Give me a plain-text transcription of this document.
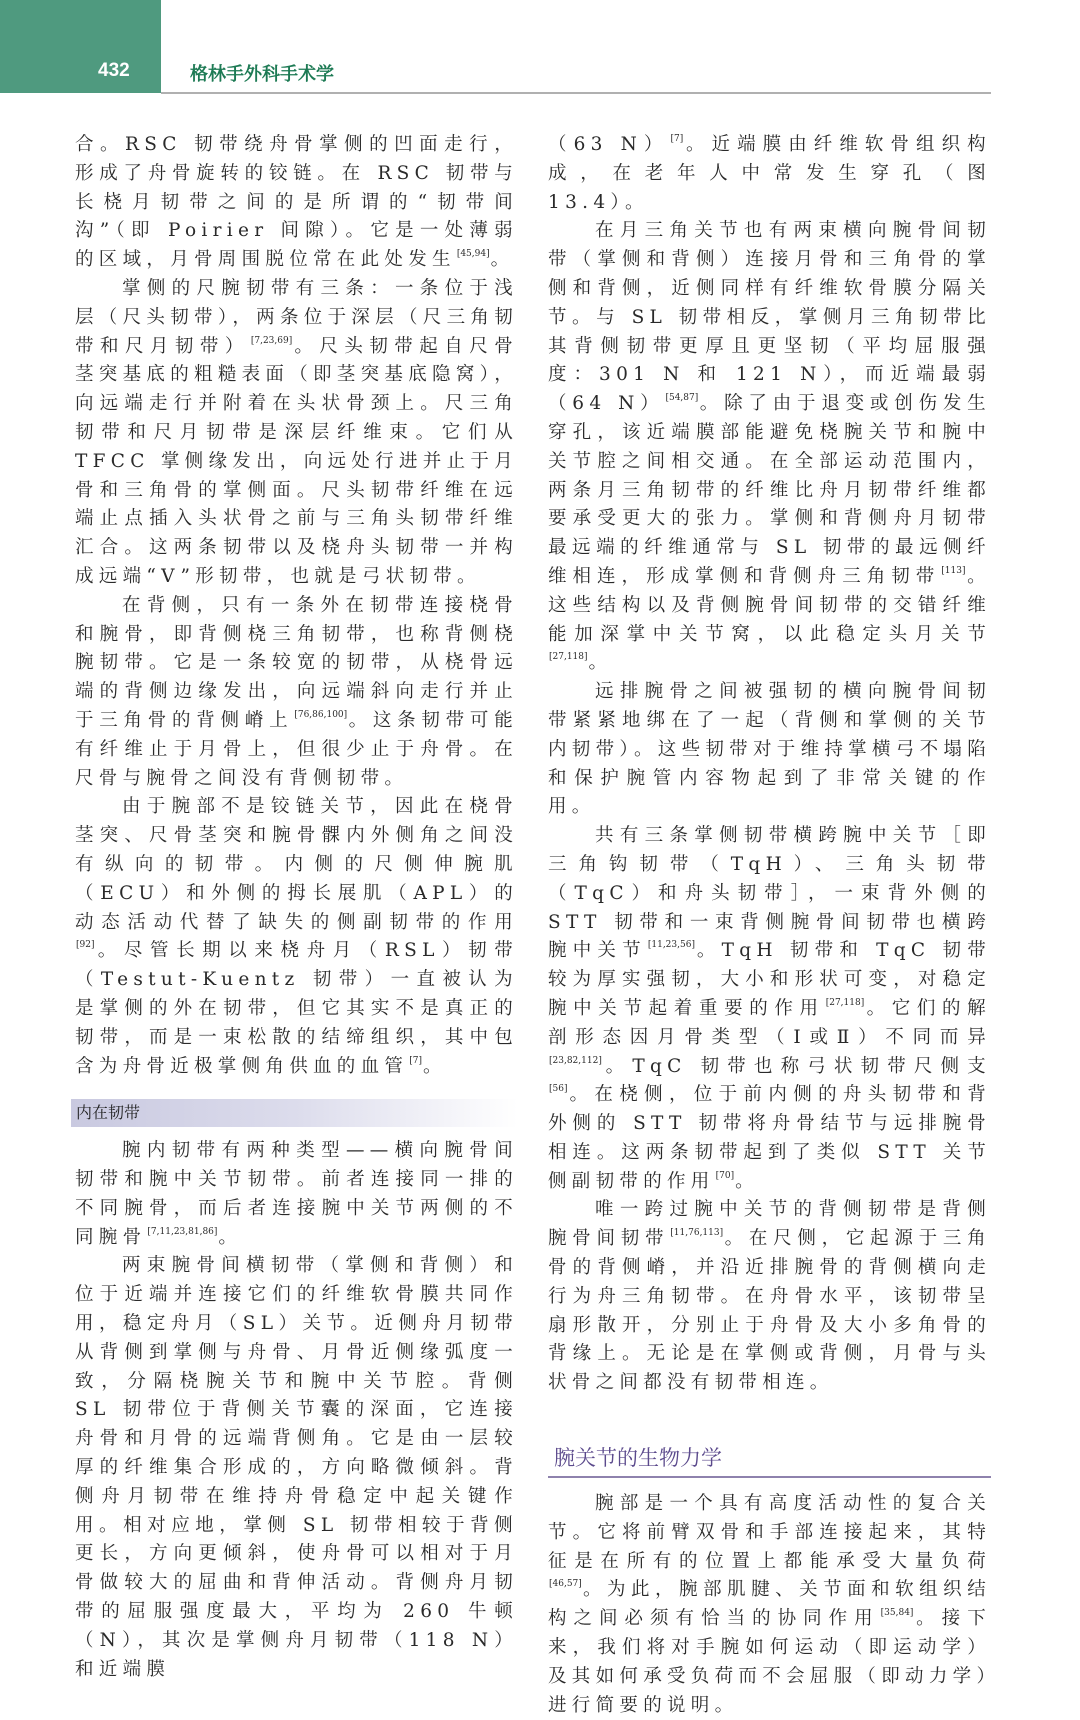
432	格林手外科手术学

合。RSC 韧带绕舟骨掌侧的凹面走行，形成了舟骨旋转的铰链。在 RSC 韧带与长桡月韧带之间的是所谓的“韧带间沟”（即 Poirier 间隙）。它是一处薄弱的区域，月骨周围脱位常在此处发生[45,94]。

掌侧的尺腕韧带有三条：一条位于浅层（尺头韧带），两条位于深层（尺三角韧带和尺月韧带）[7,23,69]。尺头韧带起自尺骨茎突基底的粗糙表面（即茎突基底隐窝），向远端走行并附着在头状骨颈上。尺三角韧带和尺月韧带是深层纤维束。它们从 TFCC 掌侧缘发出，向远处行进并止于月骨和三角骨的掌侧面。尺头韧带纤维在远端止点插入头状骨之前与三角头韧带纤维汇合。这两条韧带以及桡舟头韧带一并构成远端“V”形韧带，也就是弓状韧带。

在背侧，只有一条外在韧带连接桡骨和腕骨，即背侧桡三角韧带，也称背侧桡腕韧带。它是一条较宽的韧带，从桡骨远端的背侧边缘发出，向远端斜向走行并止于三角骨的背侧嵴上[76,86,100]。这条韧带可能有纤维止于月骨上，但很少止于舟骨。在尺骨与腕骨之间没有背侧韧带。

由于腕部不是铰链关节，因此在桡骨茎突、尺骨茎突和腕骨髁内外侧角之间没有纵向的韧带。内侧的尺侧伸腕肌（ECU）和外侧的拇长展肌（APL）的动态活动代替了缺失的侧副韧带的作用[92]。尽管长期以来桡舟月（RSL）韧带（Testut-Kuentz 韧带）一直被认为是掌侧的外在韧带，但它其实不是真正的韧带，而是一束松散的结缔组织，其中包含为舟骨近极掌侧角供血的血管[7]。

内在韧带

腕内韧带有两种类型——横向腕骨间韧带和腕中关节韧带。前者连接同一排的不同腕骨，而后者连接腕中关节两侧的不同腕骨[7,11,23,81,86]。

两束腕骨间横韧带（掌侧和背侧）和位于近端并连接它们的纤维软骨膜共同作用，稳定舟月（SL）关节。近侧舟月韧带从背侧到掌侧与舟骨、月骨近侧缘弧度一致，分隔桡腕关节和腕中关节腔。背侧 SL 韧带位于背侧关节囊的深面，它连接舟骨和月骨的远端背侧角。它是由一层较厚的纤维集合形成的，方向略微倾斜。背侧舟月韧带在维持舟骨稳定中起关键作用。相对应地，掌侧 SL 韧带相较于背侧更长，方向更倾斜，使舟骨可以相对于月骨做较大的屈曲和背伸活动。背侧舟月韧带的屈服强度最大，平均为 260 牛顿（N），其次是掌侧舟月韧带（118 N）和近端膜

（63 N）[7]。近端膜由纤维软骨组织构成，在老年人中常发生穿孔（图 13.4）。

在月三角关节也有两束横向腕骨间韧带（掌侧和背侧）连接月骨和三角骨的掌侧和背侧，近侧同样有纤维软骨膜分隔关节。与 SL 韧带相反，掌侧月三角韧带比其背侧韧带更厚且更坚韧（平均屈服强度：301 N 和 121 N），而近端最弱（64 N）[54,87]。除了由于退变或创伤发生穿孔，该近端膜部能避免桡腕关节和腕中关节腔之间相交通。在全部运动范围内，两条月三角韧带的纤维比舟月韧带纤维都要承受更大的张力。掌侧和背侧舟月韧带最远端的纤维通常与 SL 韧带的最远侧纤维相连，形成掌侧和背侧舟三角韧带[113]。这些结构以及背侧腕骨间韧带的交错纤维能加深掌中关节窝，以此稳定头月关节[27,118]。

远排腕骨之间被强韧的横向腕骨间韧带紧紧地绑在了一起（背侧和掌侧的关节内韧带）。这些韧带对于维持掌横弓不塌陷和保护腕管内容物起到了非常关键的作用。

共有三条掌侧韧带横跨腕中关节［即三角钩韧带（TqH）、三角头韧带（TqC）和舟头韧带］，一束背外侧的 STT 韧带和一束背侧腕骨间韧带也横跨腕中关节[11,23,56]。TqH 韧带和 TqC 韧带较为厚实强韧，大小和形状可变，对稳定腕中关节起着重要的作用[27,118]。它们的解剖形态因月骨类型（Ⅰ或Ⅱ）不同而异[23,82,112]。TqC 韧带也称弓状韧带尺侧支[56]。在桡侧，位于前内侧的舟头韧带和背外侧的 STT 韧带将舟骨结节与远排腕骨相连。这两条韧带起到了类似 STT 关节侧副韧带的作用[70]。

唯一跨过腕中关节的背侧韧带是背侧腕骨间韧带[11,76,113]。在尺侧，它起源于三角骨的背侧嵴，并沿近排腕骨的背侧横向走行为舟三角韧带。在舟骨水平，该韧带呈扇形散开，分别止于舟骨及大小多角骨的背缘上。无论是在掌侧或背侧，月骨与头状骨之间都没有韧带相连。

腕关节的生物力学

腕部是一个具有高度活动性的复合关节。它将前臂双骨和手部连接起来，其特征是在所有的位置上都能承受大量负荷[46,57]。为此，腕部肌腱、关节面和软组织结构之间必须有恰当的协同作用[35,84]。接下来，我们将对手腕如何运动（即运动学）及其如何承受负荷而不会屈服（即动力学）进行简要的说明。
